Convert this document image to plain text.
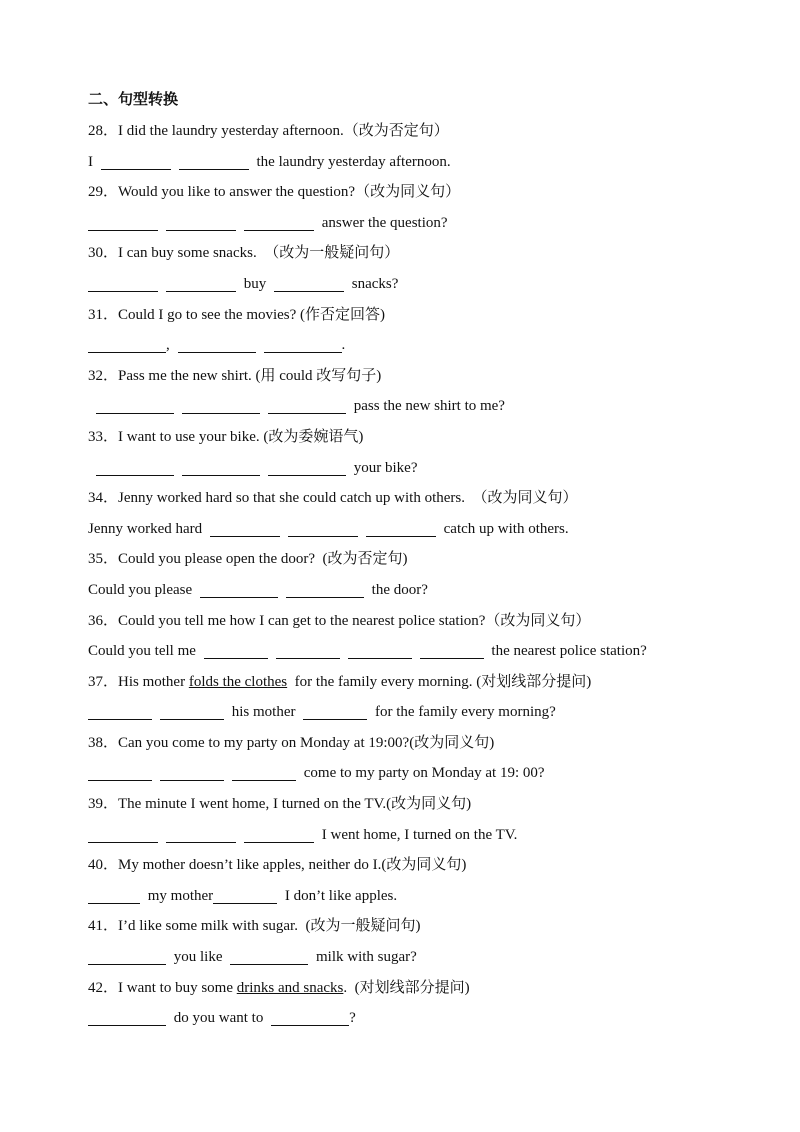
二、句型转换
28．I did the laundry yesterday afternoon.（改为否定句）
I	the laundry yesterday afternoon.
29．Would you like to answer the question?（改为同义句）
answer the question?
30．I can buy some snacks.  （改为一般疑问句）
buy	snacks?
31．Could I go to see the movies? (作否定回答)
,	.
32．Pass me the new shirt. (用 could 改写句子)
pass the new shirt to me?
33．I want to use your bike. (改为委婉语气)
your bike?
34．Jenny worked hard so that she could catch up with others.  （改为同义句）
Jenny worked hard	catch up with others.
35．Could you please open the door?  (改为否定句)
Could you please	the door?
36．Could you tell me how I can get to the nearest police station?（改为同义句）
Could you tell me	the nearest police station?
37．His mother folds the clothes  for the family every morning. (对划线部分提问)
his mother	for the family every morning?
38．Can you come to my party on Monday at 19:00?(改为同义句)
come to my party on Monday at 19: 00?
39．The minute I went home, I turned on the TV.(改为同义句)
I went home, I turned on the TV.
40．My mother doesn’t like apples, neither do I.(改为同义句)
my mother	I don’t like apples.
41．I’d like some milk with sugar.  (改为一般疑问句)
you like	milk with sugar?
42．I want to buy some drinks and snacks.  (对划线部分提问)
do you want to	?
